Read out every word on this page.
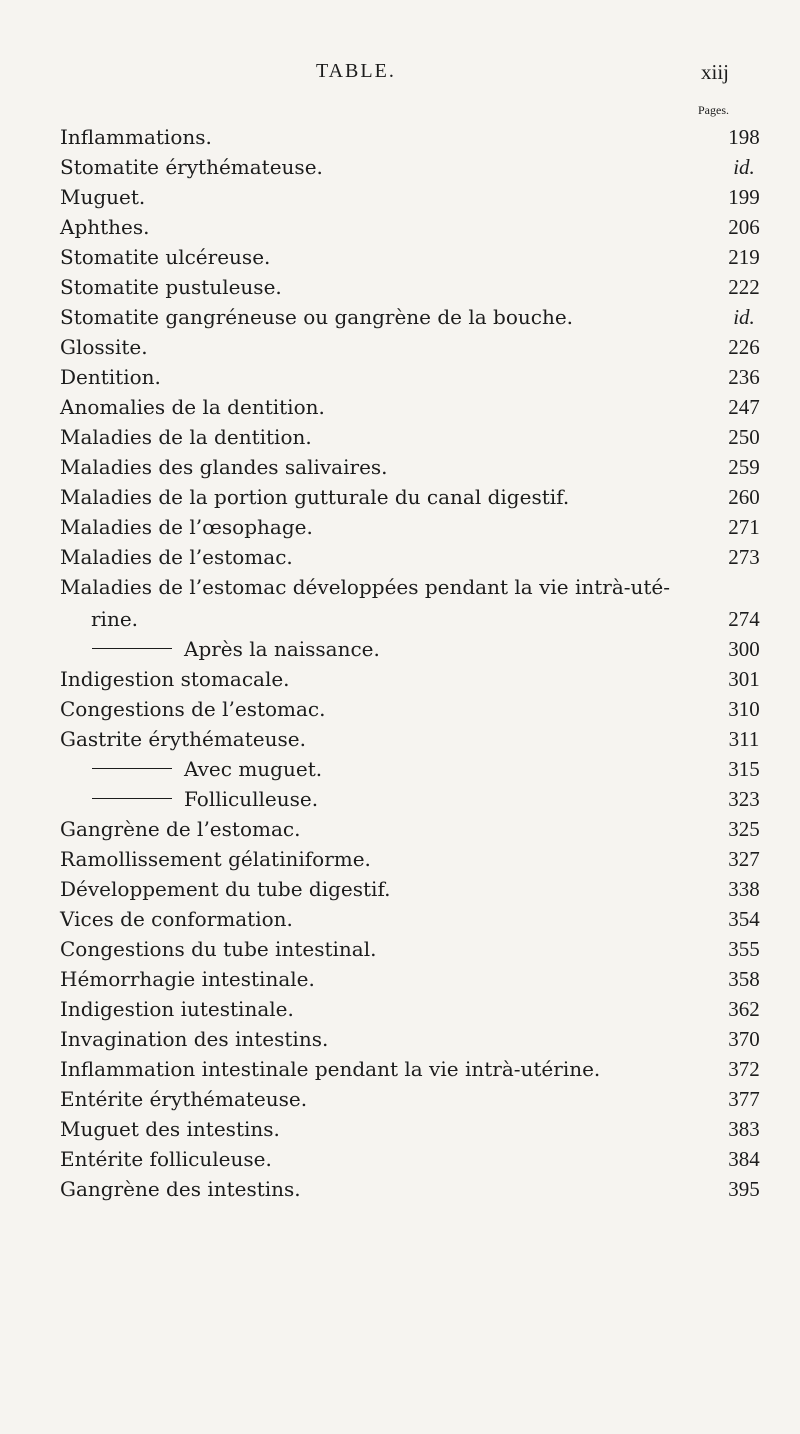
TABLE.	xiij
Pages.
Inflammations.	198
Stomatite érythémateuse.	id.
Muguet.	199
Aphthes.	206
Stomatite ulcéreuse.	219
Stomatite pustuleuse.	222
Stomatite gangréneuse ou gangrène de la bouche.	id.
Glossite.	226
Dentition.	236
Anomalies de la dentition.	247
Maladies de la dentition.	250
Maladies des glandes salivaires.	259
Maladies de la portion gutturale du canal digestif.	260
Maladies de l’œsophage.	271
Maladies de l’estomac.	273
Maladies de l’estomac développées pendant la vie intrà-uté-
rine.	274
Après la naissance.	300
Indigestion stomacale.	301
Congestions de l’estomac.	310
Gastrite érythémateuse.	311
Avec muguet.	315
Folliculleuse.	323
Gangrène de l’estomac.	325
Ramollissement gélatiniforme.	327
Développement du tube digestif.	338
Vices de conformation.	354
Congestions du tube intestinal.	355
Hémorrhagie intestinale.	358
Indigestion iutestinale.	362
Invagination des intestins.	370
Inflammation intestinale pendant la vie intrà-utérine.	372
Entérite érythémateuse.	377
Muguet des intestins.	383
Entérite folliculeuse.	384
Gangrène des intestins.	395
